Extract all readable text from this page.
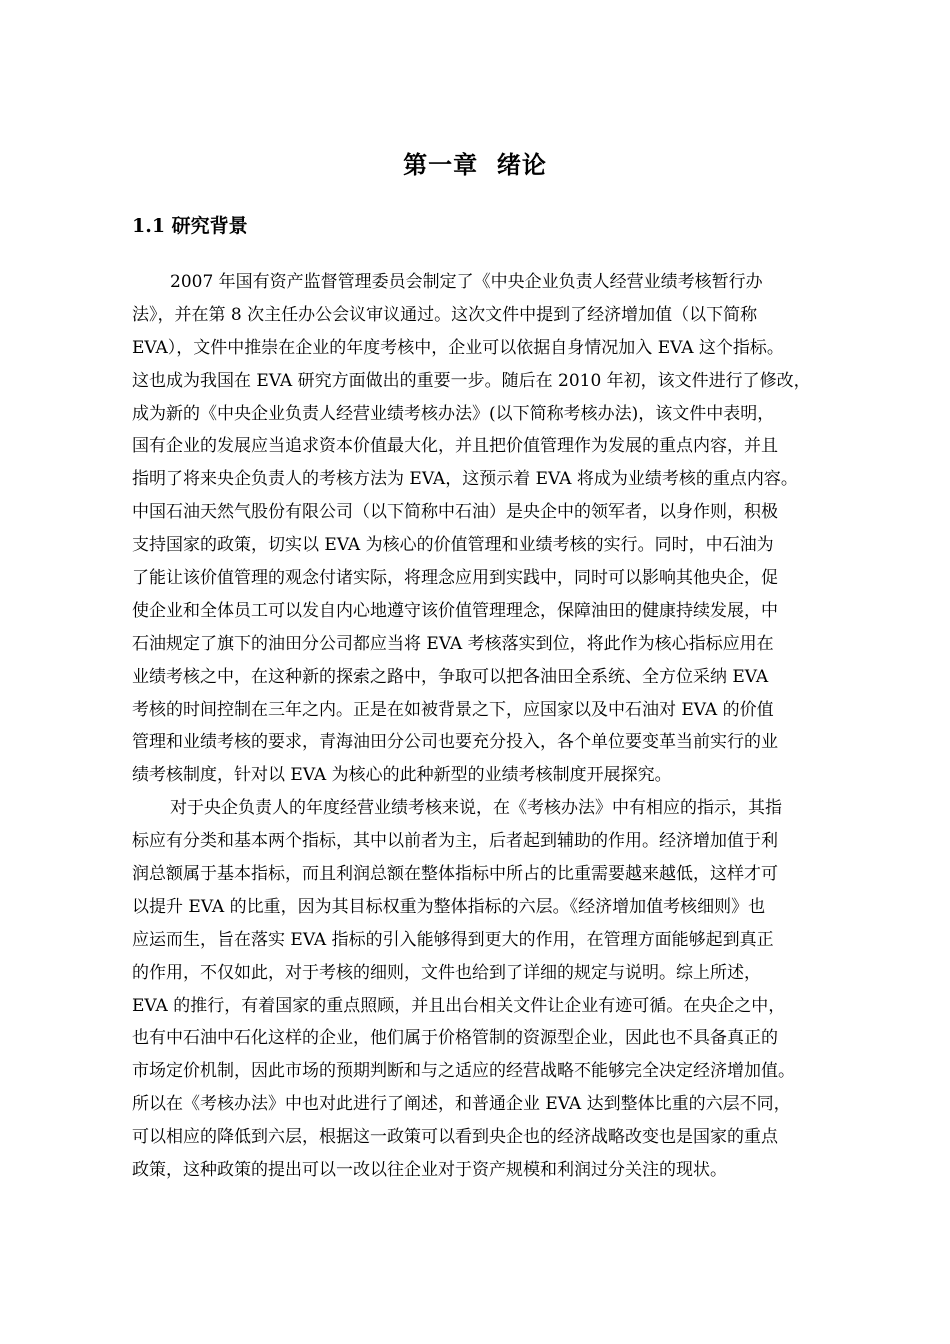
第一章  绪论
1.1 研究背景
2007 年国有资产监督管理委员会制定了《中央企业负责人经营业绩考核暂行办
法》，并在第 8 次主任办公会议审议通过。这次文件中提到了经济增加值（以下简称
EVA），文件中推崇在企业的年度考核中，企业可以依据自身情况加入 EVA 这个指标。
这也成为我国在 EVA 研究方面做出的重要一步。随后在 2010 年初，该文件进行了修改，
成为新的《中央企业负责人经营业绩考核办法》(以下简称考核办法)，该文件中表明，
国有企业的发展应当追求资本价值最大化，并且把价值管理作为发展的重点内容，并且
指明了将来央企负责人的考核方法为 EVA，这预示着 EVA 将成为业绩考核的重点内容。
中国石油天然气股份有限公司（以下简称中石油）是央企中的领军者，以身作则，积极
支持国家的政策，切实以 EVA 为核心的价值管理和业绩考核的实行。同时，中石油为
了能让该价值管理的观念付诸实际，将理念应用到实践中，同时可以影响其他央企，促
使企业和全体员工可以发自内心地遵守该价值管理理念，保障油田的健康持续发展，中
石油规定了旗下的油田分公司都应当将 EVA 考核落实到位，将此作为核心指标应用在
业绩考核之中，在这种新的探索之路中，争取可以把各油田全系统、全方位采纳 EVA
考核的时间控制在三年之内。正是在如被背景之下，应国家以及中石油对 EVA 的价值
管理和业绩考核的要求，青海油田分公司也要充分投入，各个单位要变革当前实行的业
绩考核制度，针对以 EVA 为核心的此种新型的业绩考核制度开展探究。
对于央企负责人的年度经营业绩考核来说，在《考核办法》中有相应的指示，其指
标应有分类和基本两个指标，其中以前者为主，后者起到辅助的作用。经济增加值于利
润总额属于基本指标，而且利润总额在整体指标中所占的比重需要越来越低，这样才可
以提升 EVA 的比重，因为其目标权重为整体指标的六层。《经济增加值考核细则》也
应运而生，旨在落实 EVA 指标的引入能够得到更大的作用，在管理方面能够起到真正
的作用，不仅如此，对于考核的细则，文件也给到了详细的规定与说明。综上所述，
EVA 的推行，有着国家的重点照顾，并且出台相关文件让企业有迹可循。在央企之中，
也有中石油中石化这样的企业，他们属于价格管制的资源型企业，因此也不具备真正的
市场定价机制，因此市场的预期判断和与之适应的经营战略不能够完全决定经济增加值。
所以在《考核办法》中也对此进行了阐述，和普通企业 EVA 达到整体比重的六层不同，
可以相应的降低到六层，根据这一政策可以看到央企也的经济战略改变也是国家的重点
政策，这种政策的提出可以一改以往企业对于资产规模和利润过分关注的现状。
